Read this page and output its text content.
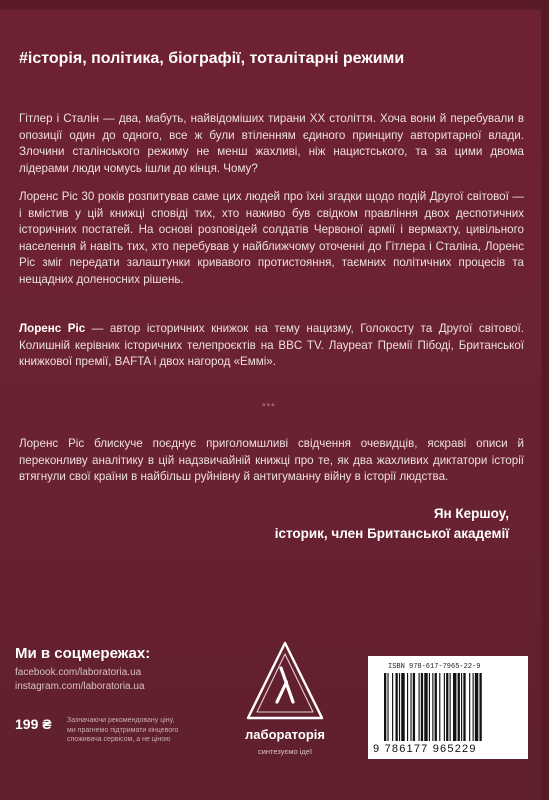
#історія, політика, біографії, тоталітарні режими

Гітлер і Сталін — два, мабуть, найвідоміших тирани XX століття. Хоча вони й перебували в опозиції один до одного, все ж були втіленням єдиного принципу авторитарної влади. Злочини сталінського режиму не менш жахливі, ніж нацистського, та за цими двома лідерами люди чомусь ішли до кінця. Чому?

Лоренс Ріс 30 років розпитував саме цих людей про їхні згадки щодо подій Другої світової — і вмістив у цій книжці сповіді тих, хто наживо був свідком правління двох деспотичних історичних постатей. На основі розповідей солдатів Червоної армії і вермахту, цивільного населення й навіть тих, хто перебував у найближчому оточенні до Гітлера і Сталіна, Лоренс Ріс зміг передати залаштунки кривавого протистояння, таємних політичних процесів та нещадних доленосних рішень.

Лоренс Ріс — автор історичних книжок на тему нацизму, Голокосту та Другої світової. Колишній керівник історичних телепроєктів на BBC TV. Лауреат Премії Пібоді, Британської книжкової премії, BAFTA і двох нагород «Еммі».

◦◦◦

Лоренс Ріс блискуче поєднує приголомшливі свідчення очевидців, яскраві описи й переконливу аналітику в цій надзвичайній книжці про те, як два жахливих диктатори історії втягнули свої країни в найбільш руйнівну й антигуманну війну в історії людства.

Ян Кершоу,
історик, член Британської академії
Ми в соцмережах:
facebook.com/laboratoria.ua
instagram.com/laboratoria.ua
199 ₴ Зазначаючи рекомендовану ціну, ми прагнемо підтримати кінцевого споживача сервісом, а не ціною	лабораторія
синтезуємо ідеї
ISBN 978-617-7965-22-9
9 786177 965229
